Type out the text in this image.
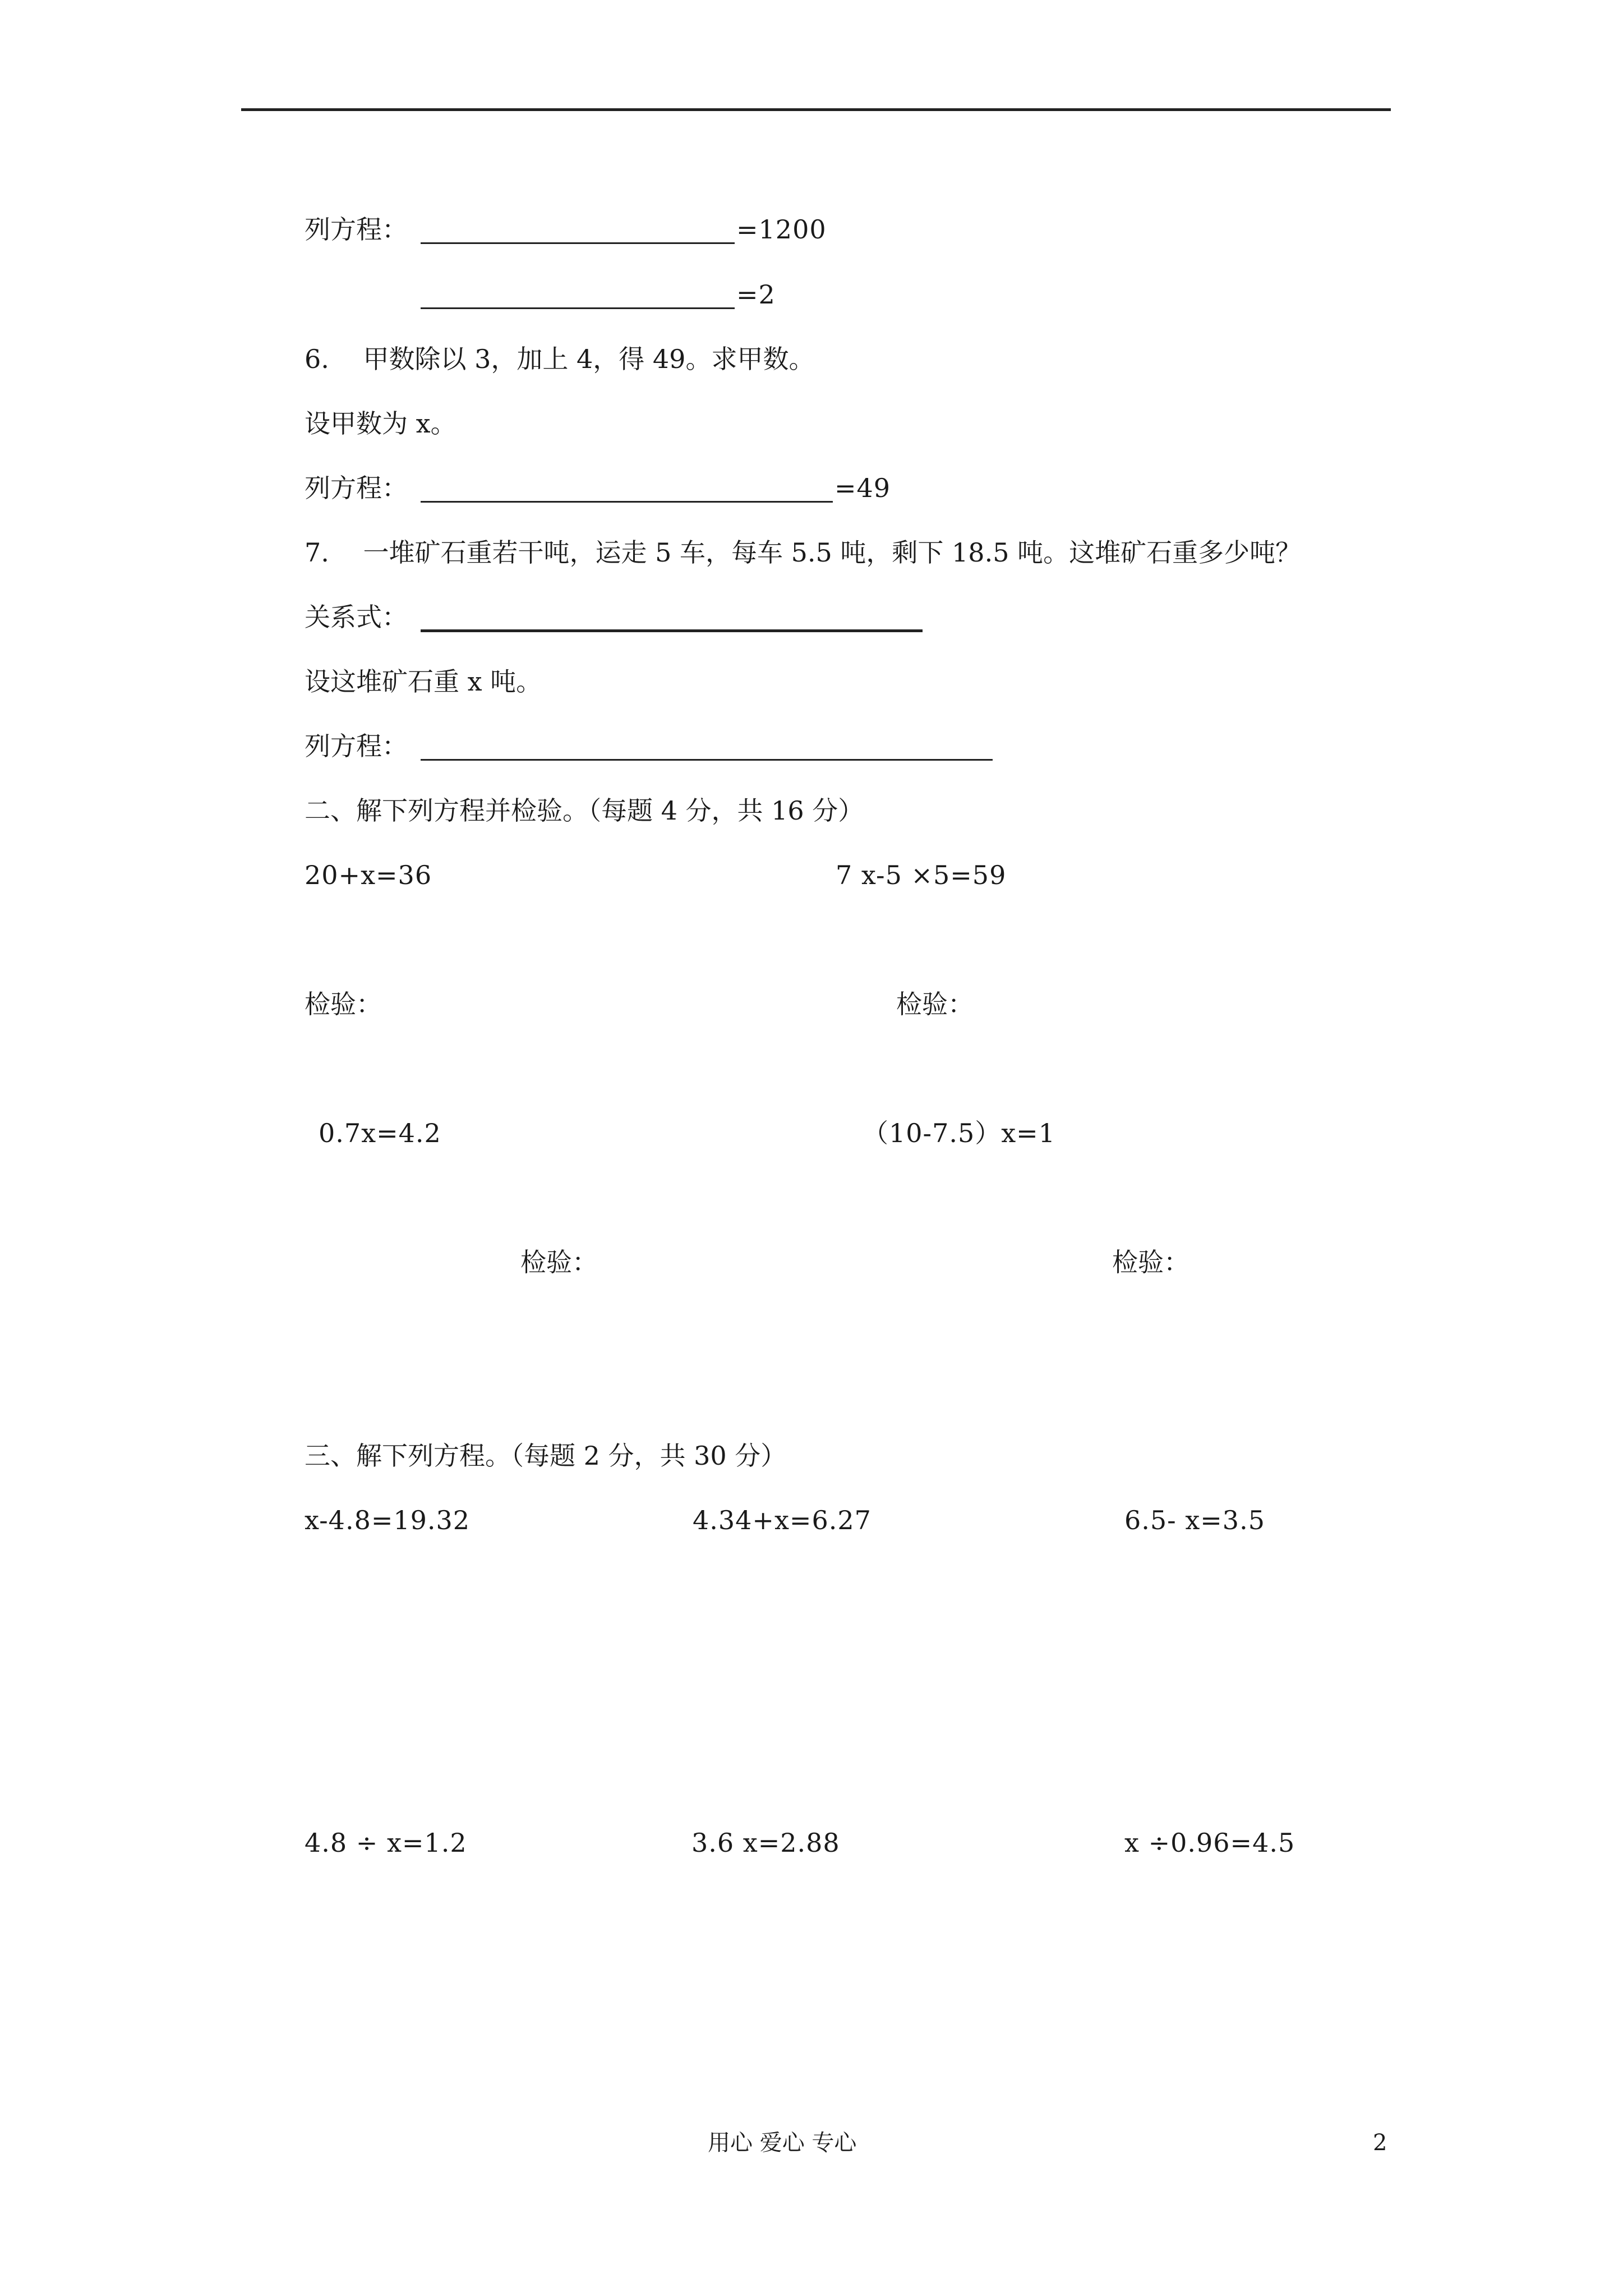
列方程：	=1200
=2
6.　 甲数除以 3，加上 4，得 49。求甲数。
设甲数为 x。
列方程：	=49
7.　 一堆矿石重若干吨，运走 5 车，每车 5.5 吨，剩下 18.5 吨。这堆矿石重多少吨？
关系式：
设这堆矿石重 x 吨。
列方程：
二、解下列方程并检验。（每题 4 分，共 16 分）
20+x=36	7 x-5 ×5=59
检验：	检验：
0.7x=4.2	（10-7.5）x=1
检验：	检验：
三、解下列方程。（每题 2 分，共 30 分）
x-4.8=19.32	4.34+x=6.27	6.5- x=3.5
4.8 ÷ x=1.2	3.6 x=2.88	x ÷0.96=4.5
用心 爱心 专心	2
